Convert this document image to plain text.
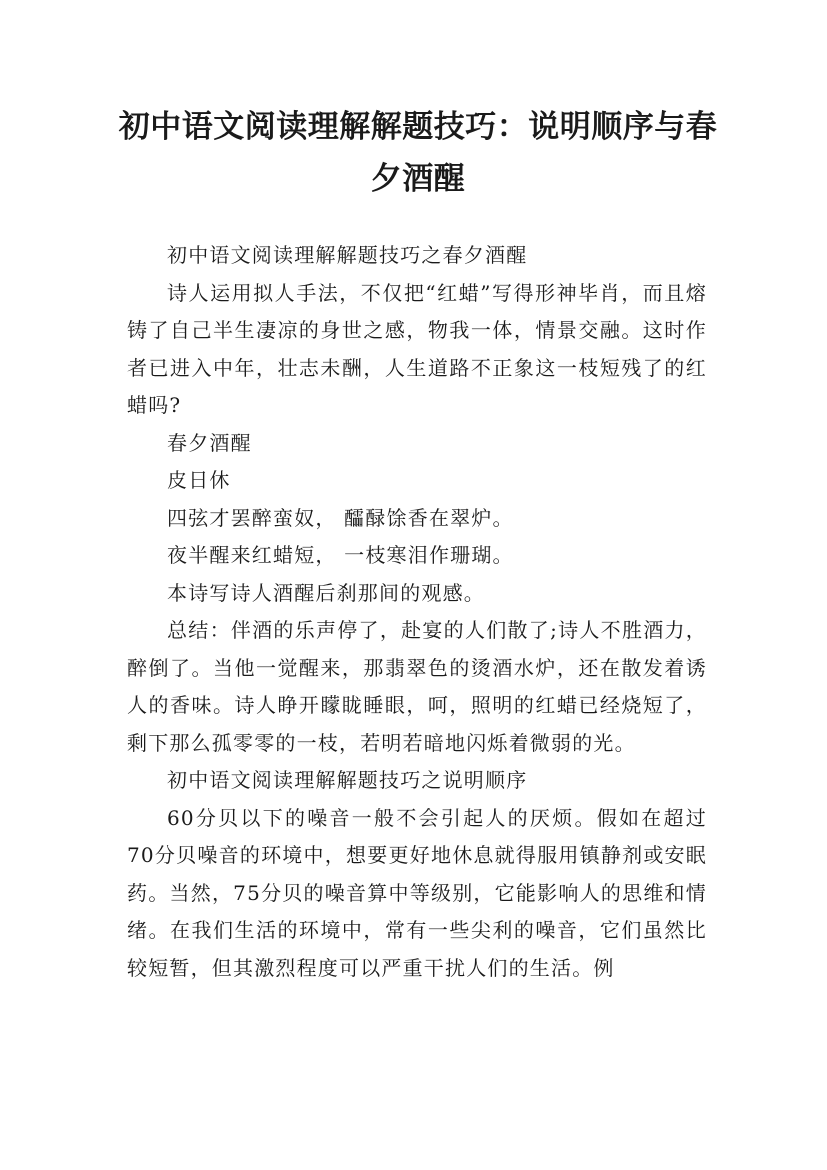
初中语文阅读理解解题技巧：说明顺序与春夕酒醒

初中语文阅读理解解题技巧之春夕酒醒

诗人运用拟人手法，不仅把“红蜡”写得形神毕肖，而且熔铸了自己半生凄凉的身世之感，物我一体，情景交融。这时作者已进入中年，壮志未酬，人生道路不正象这一枝短残了的红蜡吗?

春夕酒醒

皮日休

四弦才罢醉蛮奴， 醽醁馀香在翠炉。

夜半醒来红蜡短， 一枝寒泪作珊瑚。

本诗写诗人酒醒后刹那间的观感。

总结：伴酒的乐声停了，赴宴的人们散了;诗人不胜酒力，醉倒了。当他一觉醒来，那翡翠色的烫酒水炉，还在散发着诱人的香味。诗人睁开矇眬睡眼，呵，照明的红蜡已经烧短了，剩下那么孤零零的一枝，若明若暗地闪烁着微弱的光。

初中语文阅读理解解题技巧之说明顺序

60分贝以下的噪音一般不会引起人的厌烦。假如在超过70分贝噪音的环境中，想要更好地休息就得服用镇静剂或安眠药。当然，75分贝的噪音算中等级别，它能影响人的思维和情绪。在我们生活的环境中，常有一些尖利的噪音，它们虽然比较短暂，但其激烈程度可以严重干扰人们的生活。例
